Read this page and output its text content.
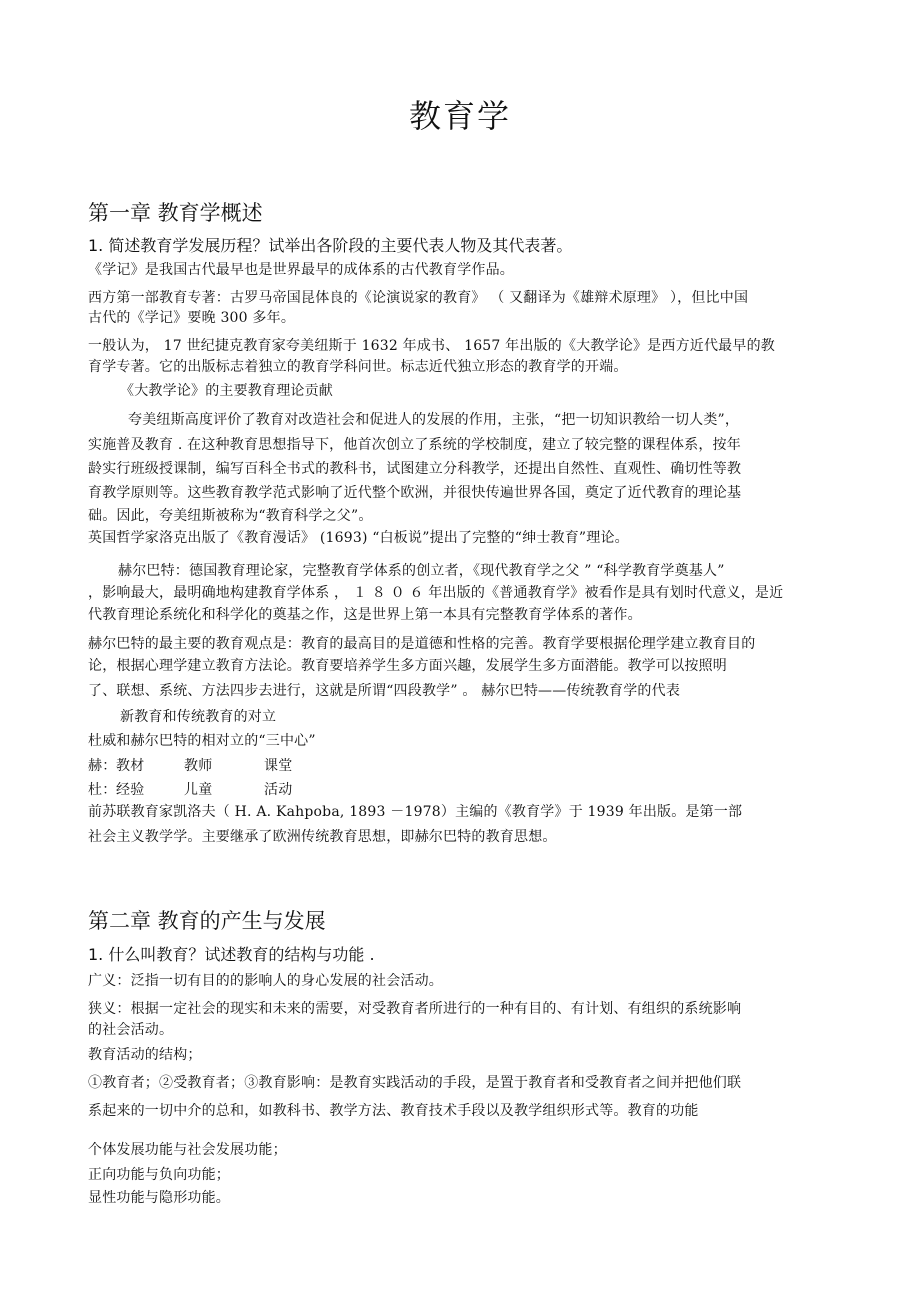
教育学
第一章 教育学概述

1. 简述教育学发展历程？试举出各阶段的主要代表人物及其代表著。

《学记》是我国古代最早也是世界最早的成体系的古代教育学作品。

西方第一部教育专著：古罗马帝国昆体良的《论演说家的教育》 （ 又翻译为《雄辩术原理》 ），但比中国

古代的《学记》要晚 300 多年。

一般认为， 17 世纪捷克教育家夸美纽斯于 1632 年成书、 1657 年出版的《大教学论》是西方近代最早的教

育学专著。它的出版标志着独立的教育学科问世。标志近代独立形态的教育学的开端。

《大教学论》的主要教育理论贡献

夸美纽斯高度评价了教育对改造社会和促进人的发展的作用，主张，“把一切知识教给一切人类”，

实施普及教育 . 在这种教育思想指导下，他首次创立了系统的学校制度，建立了较完整的课程体系，按年

龄实行班级授课制，编写百科全书式的教科书，试图建立分科教学，还提出自然性、直观性、确切性等教

育教学原则等。这些教育教学范式影响了近代整个欧洲，并很快传遍世界各国，奠定了近代教育的理论基

础。因此，夸美纽斯被称为“教育科学之父”。

英国哲学家洛克出版了《教育漫话》 (1693) “白板说”提出了完整的“绅士教育”理论。

赫尔巴特：德国教育理论家，完整教育学体系的创立者，《现代教育学之父 ” “科学教育学奠基人”

，影响最大，最明确地构建教育学体系 ， １ ８ ０ ６ 年出版的《普通教育学》被看作是具有划时代意义，是近

代教育理论系统化和科学化的奠基之作，这是世界上第一本具有完整教育学体系的著作。

赫尔巴特的最主要的教育观点是：教育的最高目的是道德和性格的完善。教育学要根据伦理学建立教育目的

论，根据心理学建立教育方法论。教育要培养学生多方面兴趣，发展学生多方面潜能。教学可以按照明

了、联想、系统、方法四步去进行，这就是所谓“四段教学” 。 赫尔巴特——传统教育学的代表

新教育和传统教育的对立

杜威和赫尔巴特的相对立的“三中心”

赫：教材	教师	课堂
杜：经验	儿童	活动

前苏联教育家凯洛夫（ H. A. Kahpoba, 1893 －1978）主编的《教育学》于 1939 年出版。是第一部

社会主义教学学。主要继承了欧洲传统教育思想，即赫尔巴特的教育思想。

第二章 教育的产生与发展

1. 什么叫教育？试述教育的结构与功能 .

广义：泛指一切有目的的影响人的身心发展的社会活动。

狭义：根据一定社会的现实和未来的需要，对受教育者所进行的一种有目的、有计划、有组织的系统影响

的社会活动。

教育活动的结构；

①教育者；②受教育者；③教育影响：是教育实践活动的手段，是置于教育者和受教育者之间并把他们联

系起来的一切中介的总和，如教科书、教学方法、教育技术手段以及教学组织形式等。教育的功能

个体发展功能与社会发展功能；

正向功能与负向功能；

显性功能与隐形功能。
